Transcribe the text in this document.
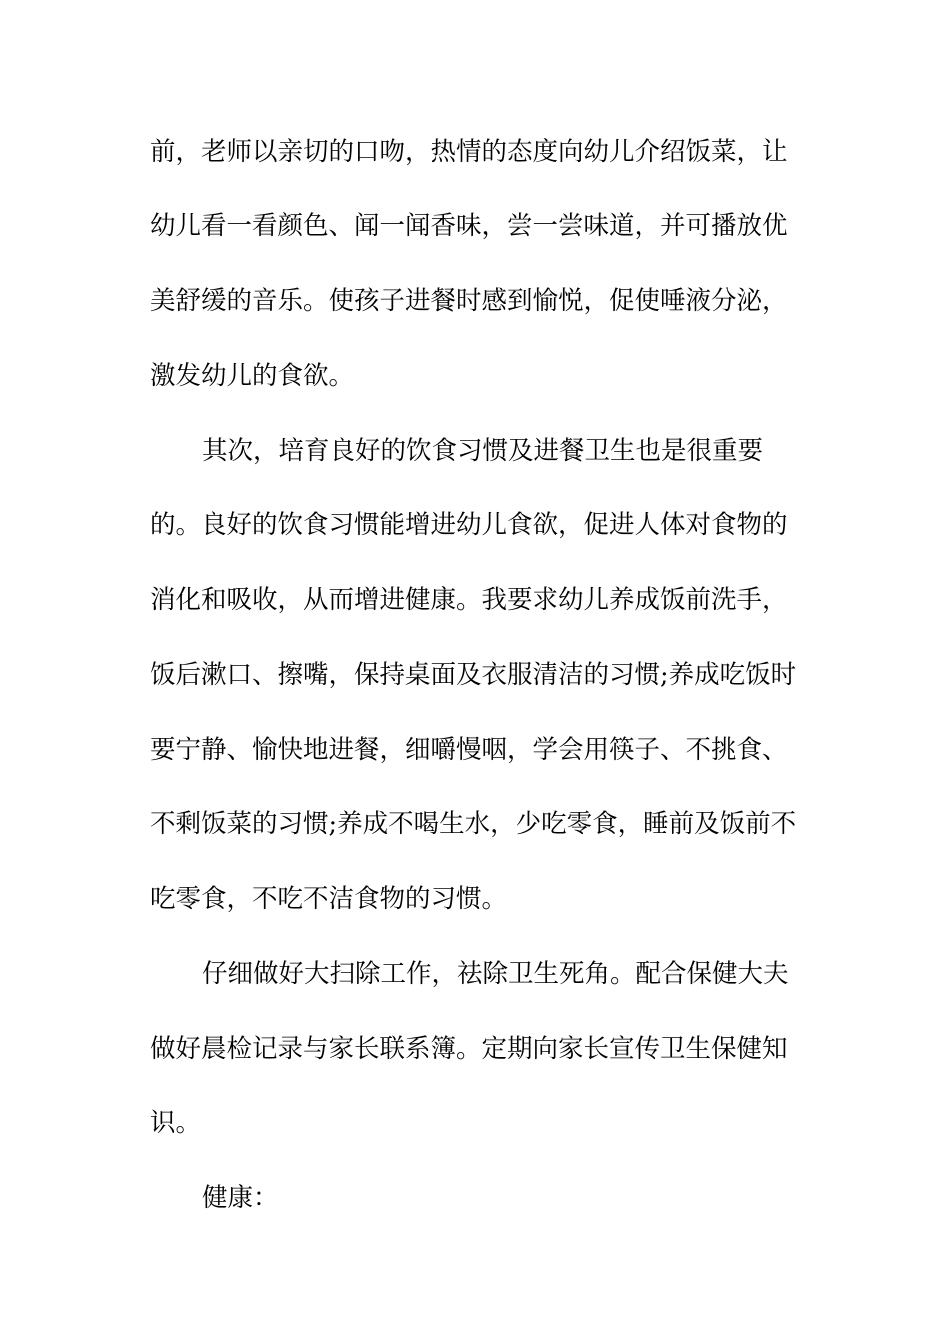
前，老师以亲切的口吻，热情的态度向幼儿介绍饭菜，让
幼儿看一看颜色、闻一闻香味，尝一尝味道，并可播放优
美舒缓的音乐。使孩子进餐时感到愉悦，促使唾液分泌，
激发幼儿的食欲。
其次，培育良好的饮食习惯及进餐卫生也是很重要
的。良好的饮食习惯能增进幼儿食欲，促进人体对食物的
消化和吸收，从而增进健康。我要求幼儿养成饭前洗手，
饭后漱口、擦嘴，保持桌面及衣服清洁的习惯;养成吃饭时
要宁静、愉快地进餐，细嚼慢咽，学会用筷子、不挑食、
不剩饭菜的习惯;养成不喝生水，少吃零食，睡前及饭前不
吃零食，不吃不洁食物的习惯。
仔细做好大扫除工作，祛除卫生死角。配合保健大夫
做好晨检记录与家长联系簿。定期向家长宣传卫生保健知
识。
健康：
